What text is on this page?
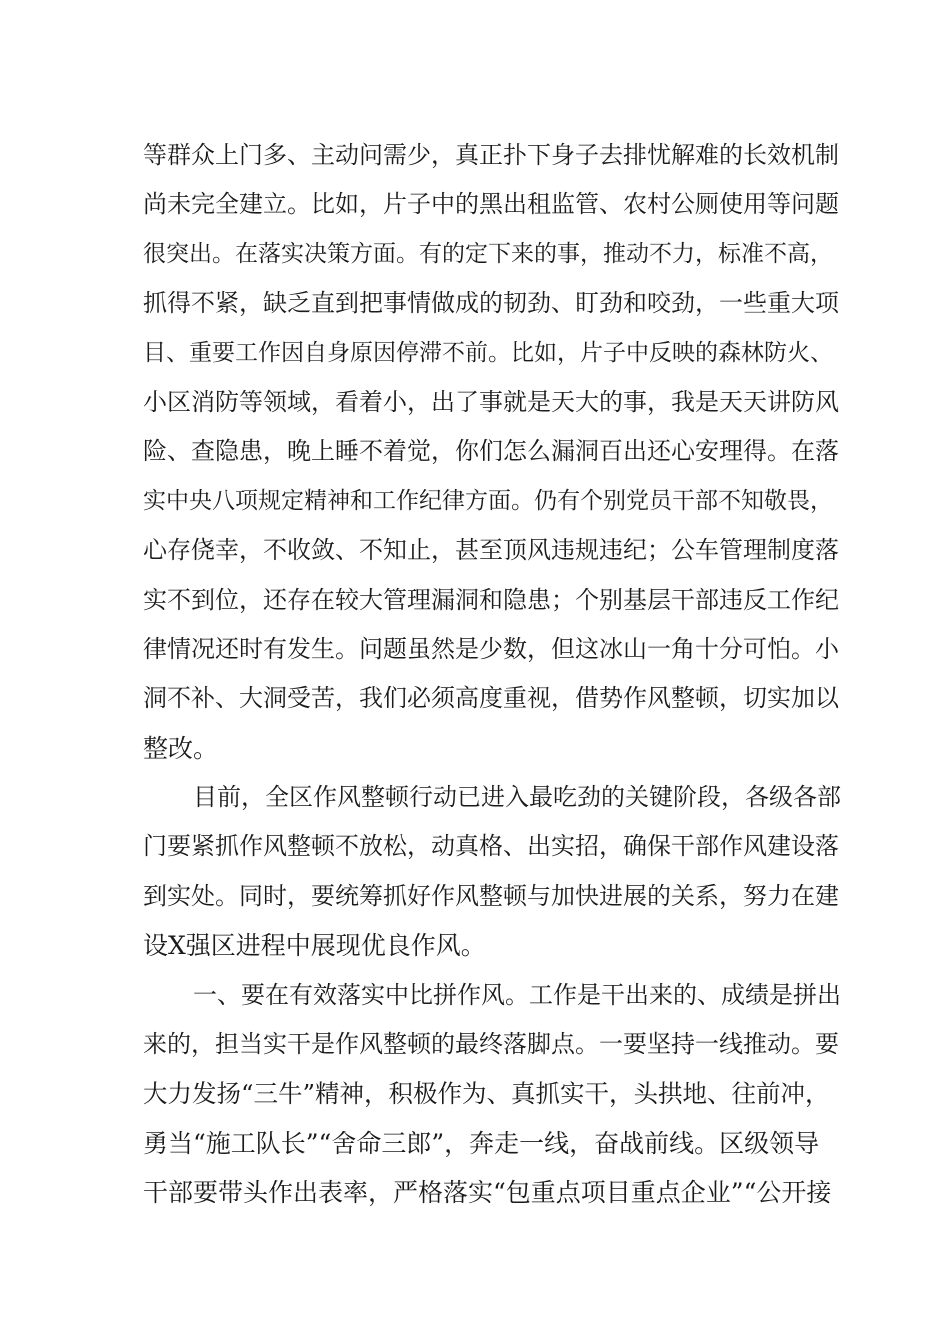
等群众上门多、主动问需少，真正扑下身子去排忧解难的长效机制
尚未完全建立。比如，片子中的黑出租监管、农村公厕使用等问题
很突出。在落实决策方面。有的定下来的事，推动不力，标准不高，
抓得不紧，缺乏直到把事情做成的韧劲、盯劲和咬劲，一些重大项
目、重要工作因自身原因停滞不前。比如，片子中反映的森林防火、
小区消防等领域，看着小，出了事就是天大的事，我是天天讲防风
险、查隐患，晚上睡不着觉，你们怎么漏洞百出还心安理得。在落
实中央八项规定精神和工作纪律方面。仍有个别党员干部不知敬畏，
心存侥幸，不收敛、不知止，甚至顶风违规违纪；公车管理制度落
实不到位，还存在较大管理漏洞和隐患；个别基层干部违反工作纪
律情况还时有发生。问题虽然是少数，但这冰山一角十分可怕。小
洞不补、大洞受苦，我们必须高度重视，借势作风整顿，切实加以
整改。
目前，全区作风整顿行动已进入最吃劲的关键阶段，各级各部
门要紧抓作风整顿不放松，动真格、出实招，确保干部作风建设落
到实处。同时，要统筹抓好作风整顿与加快进展的关系，努力在建
设X强区进程中展现优良作风。
一、要在有效落实中比拼作风。工作是干出来的、成绩是拼出
来的，担当实干是作风整顿的最终落脚点。一要坚持一线推动。要
大力发扬“三牛”精神，积极作为、真抓实干，头拱地、往前冲，
勇当“施工队长”“舍命三郎”，奔走一线，奋战前线。区级领导
干部要带头作出表率，严格落实“包重点项目重点企业”“公开接
